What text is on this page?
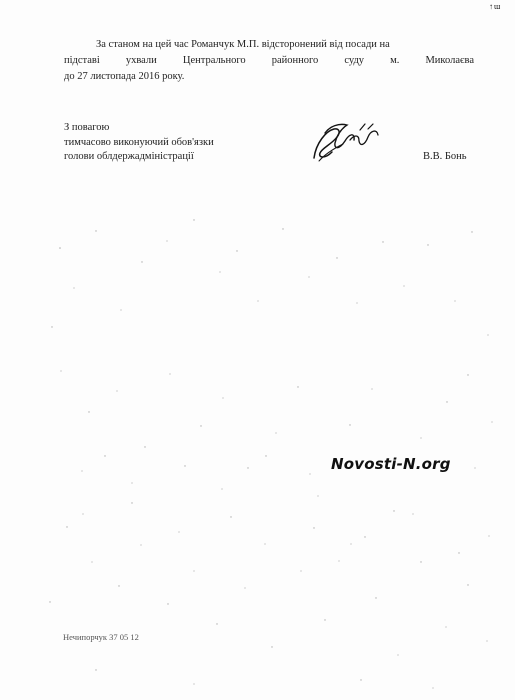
↑ ɯ
За станом на цей час Романчук М.П. відсторонений від посади на
підставі ухвали Центрального районного суду м. Миколаєва
до 27 листопада 2016 року.
З повагою
тимчасово виконуючий обов'язки
голови облдержадміністрації	В.В. Бонь
Novosti-N.org
Нечипорчук 37 05 12
